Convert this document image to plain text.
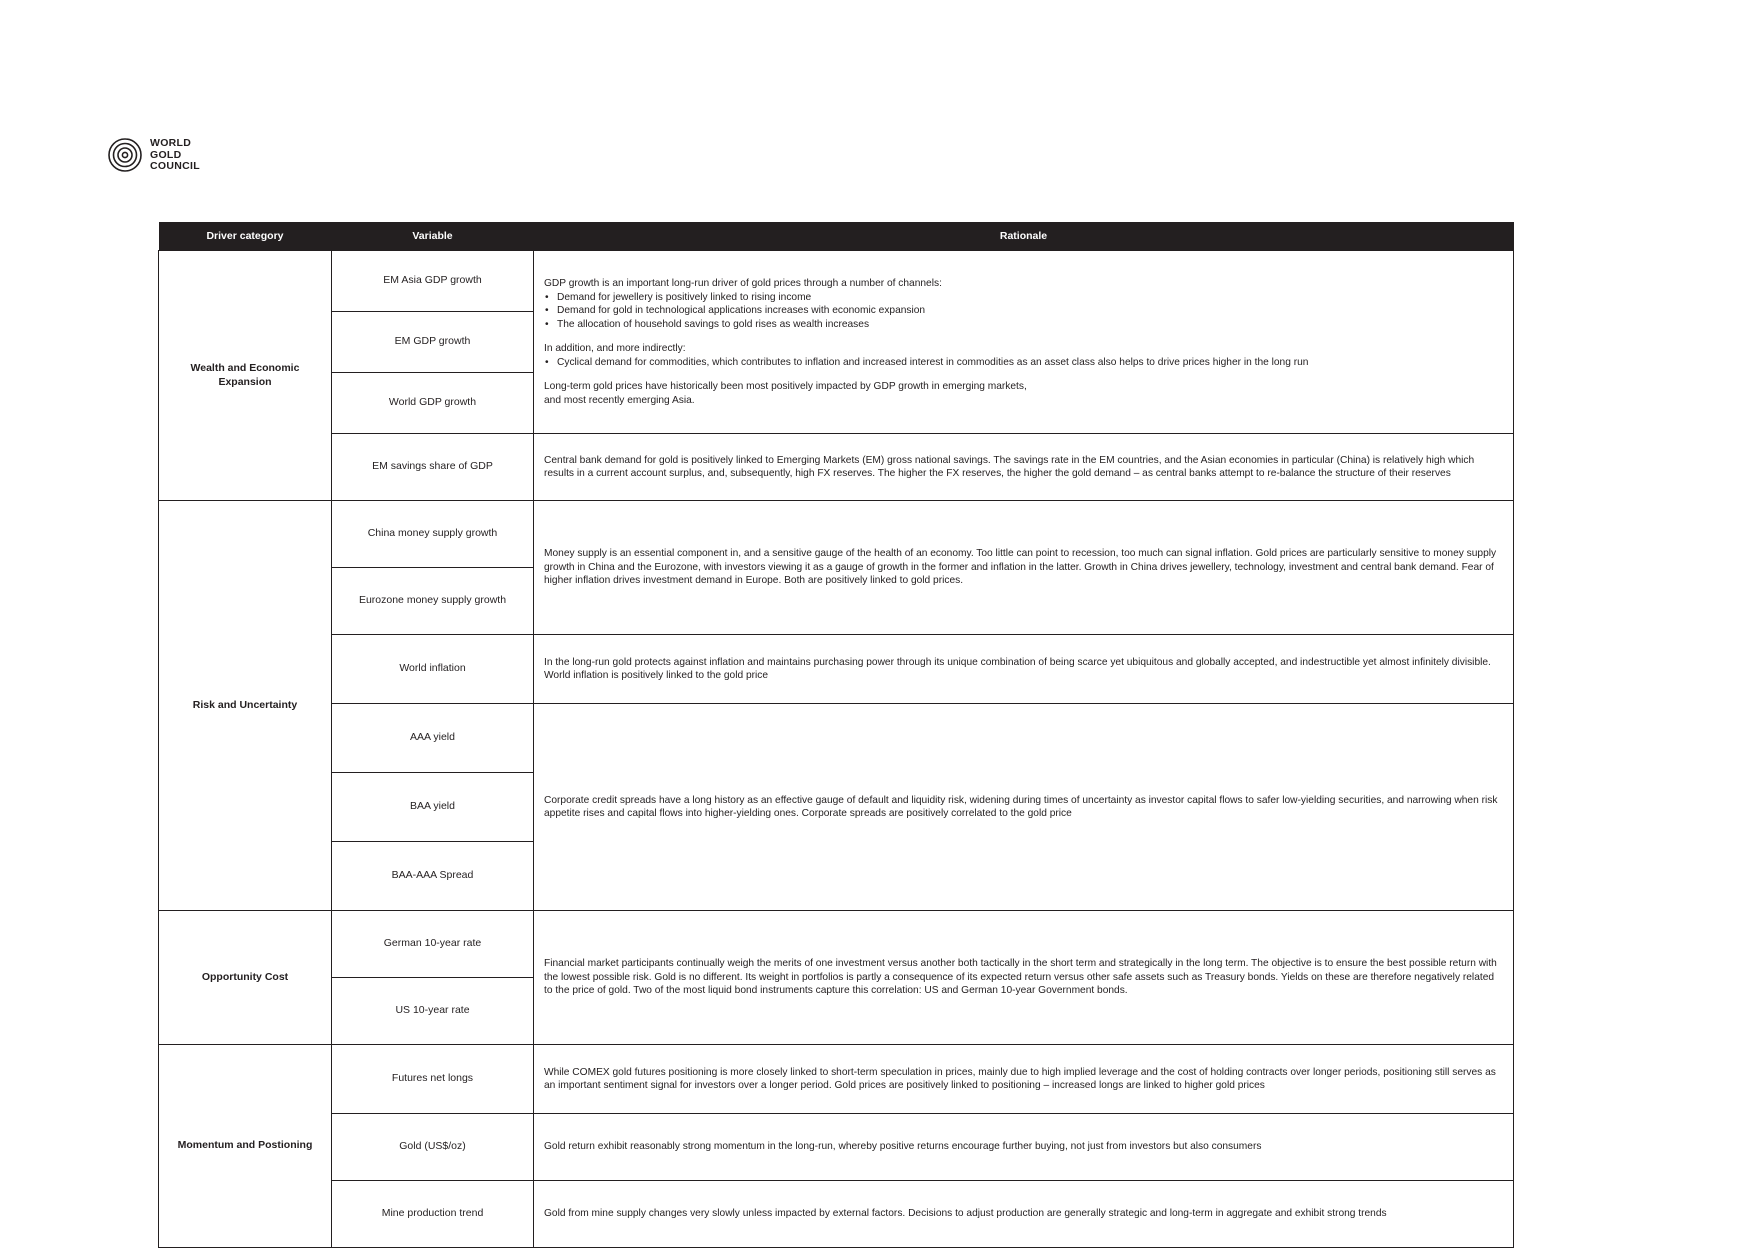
WORLD
GOLD
COUNCIL
Driver category	Variable	Rationale
Wealth and Economic Expansion	EM Asia GDP growth	GDP growth is an important long-run driver of gold prices through a number of channels:

• Demand for jewellery is positively linked to rising income
• Demand for gold in technological applications increases with economic expansion
• The allocation of household savings to gold rises as wealth increases

In addition, and more indirectly:

• Cyclical demand for commodities, which contributes to inflation and increased interest in commodities as an asset class also helps to drive prices higher in the long run

Long-term gold prices have historically been most positively impacted by GDP growth in emerging markets,

and most recently emerging Asia.

	EM GDP growth	
	World GDP growth	
	EM savings share of GDP	Central bank demand for gold is positively linked to Emerging Markets (EM) gross national savings. The savings rate in the EM countries, and the Asian economies in particular (China) is relatively high which results in a current account surplus, and, subsequently, high FX reserves. The higher the FX reserves, the higher the gold demand – as central banks attempt to re-balance the structure of their reserves
Risk and Uncertainty	China money supply growth	Money supply is an essential component in, and a sensitive gauge of the health of an economy. Too little can point to recession, too much can signal inflation. Gold prices are particularly sensitive to money supply growth in China and the Eurozone, with investors viewing it as a gauge of growth in the former and inflation in the latter. Growth in China drives jewellery, technology, investment and central bank demand. Fear of higher inflation drives investment demand in Europe. Both are positively linked to gold prices.
	Eurozone money supply growth	
	World inflation	In the long-run gold protects against inflation and maintains purchasing power through its unique combination of being scarce yet ubiquitous and globally accepted, and indestructible yet almost infinitely divisible. World inflation is positively linked to the gold price
	AAA yield	Corporate credit spreads have a long history as an effective gauge of default and liquidity risk, widening during times of uncertainty as investor capital flows to safer low-yielding securities, and narrowing when risk appetite rises and capital flows into higher-yielding ones. Corporate spreads are positively correlated to the gold price
	BAA yield	
	BAA-AAA Spread	
Opportunity Cost	German 10-year rate	Financial market participants continually weigh the merits of one investment versus another both tactically in the short term and strategically in the long term. The objective is to ensure the best possible return with the lowest possible risk. Gold is no different. Its weight in portfolios is partly a consequence of its expected return versus other safe assets such as Treasury bonds. Yields on these are therefore negatively related to the price of gold. Two of the most liquid bond instruments capture this correlation: US and German 10-year Government bonds.
	US 10-year rate	
Momentum and Postioning	Futures net longs	While COMEX gold futures positioning is more closely linked to short-term speculation in prices, mainly due to high implied leverage and the cost of holding contracts over longer periods, positioning still serves as an important sentiment signal for investors over a longer period. Gold prices are positively linked to positioning – increased longs are linked to higher gold prices
	Gold (US$/oz)	Gold return exhibit reasonably strong momentum in the long-run, whereby positive returns encourage further buying, not just from investors but also consumers
	Mine production trend	Gold from mine supply changes very slowly unless impacted by external factors. Decisions to adjust production are generally strategic and long-term in aggregate and exhibit strong trends
